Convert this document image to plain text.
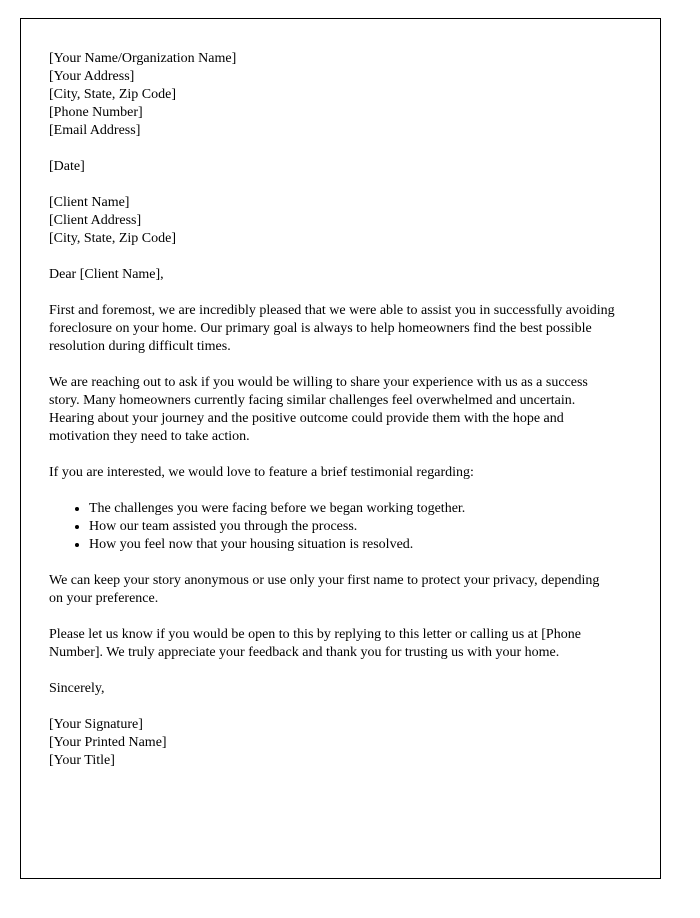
[Your Name/Organization Name]
[Your Address]
[City, State, Zip Code]
[Phone Number]
[Email Address]
[Date]
[Client Name]
[Client Address]
[City, State, Zip Code]

Dear [Client Name],

First and foremost, we are incredibly pleased that we were able to assist you in successfully avoiding foreclosure on your home. Our primary goal is always to help homeowners find the best possible resolution during difficult times.

We are reaching out to ask if you would be willing to share your experience with us as a success story. Many homeowners currently facing similar challenges feel overwhelmed and uncertain. Hearing about your journey and the positive outcome could provide them with the hope and motivation they need to take action.

If you are interested, we would love to feature a brief testimonial regarding:

• The challenges you were facing before we began working together.
• How our team assisted you through the process.
• How you feel now that your housing situation is resolved.

We can keep your story anonymous or use only your first name to protect your privacy, depending on your preference.

Please let us know if you would be open to this by replying to this letter or calling us at [Phone Number]. We truly appreciate your feedback and thank you for trusting us with your home.

Sincerely,

[Your Signature]
[Your Printed Name]
[Your Title]
